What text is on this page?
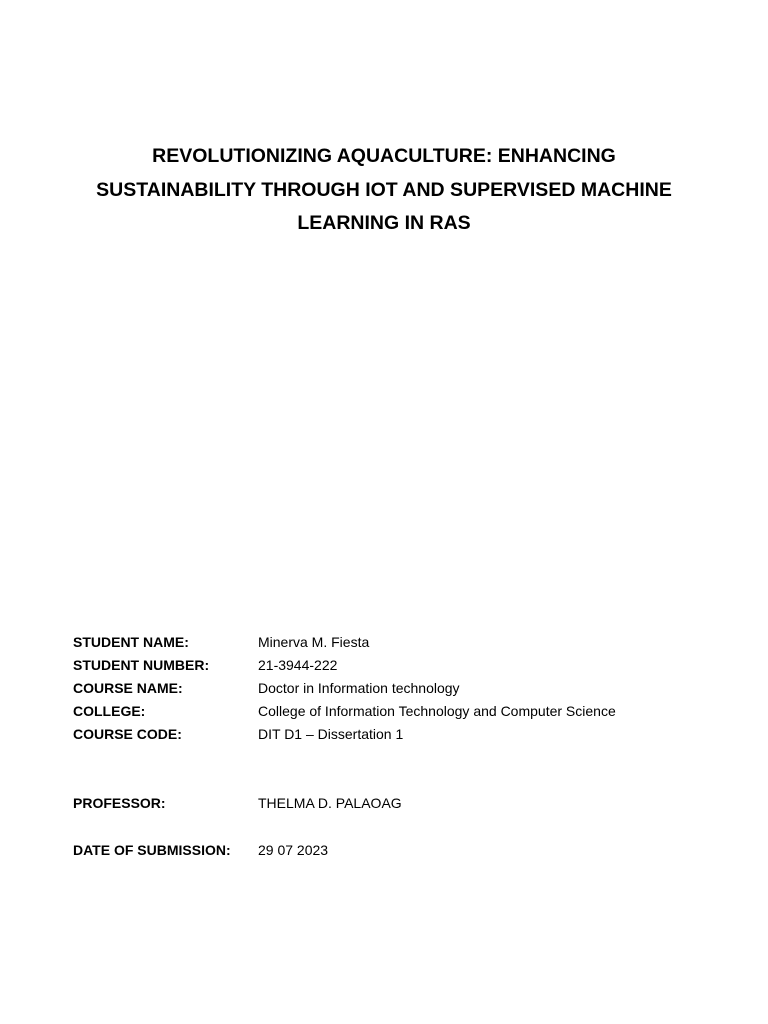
REVOLUTIONIZING AQUACULTURE: ENHANCING
SUSTAINABILITY THROUGH IOT AND SUPERVISED MACHINE
LEARNING IN RAS
STUDENT NAME:	Minerva M. Fiesta
STUDENT NUMBER:	21-3944-222
COURSE NAME:	Doctor in Information technology
COLLEGE:	College of Information Technology and Computer Science
COURSE CODE:	DIT D1 – Dissertation 1
PROFESSOR:	THELMA D. PALAOAG
DATE OF SUBMISSION: 29 07 2023
